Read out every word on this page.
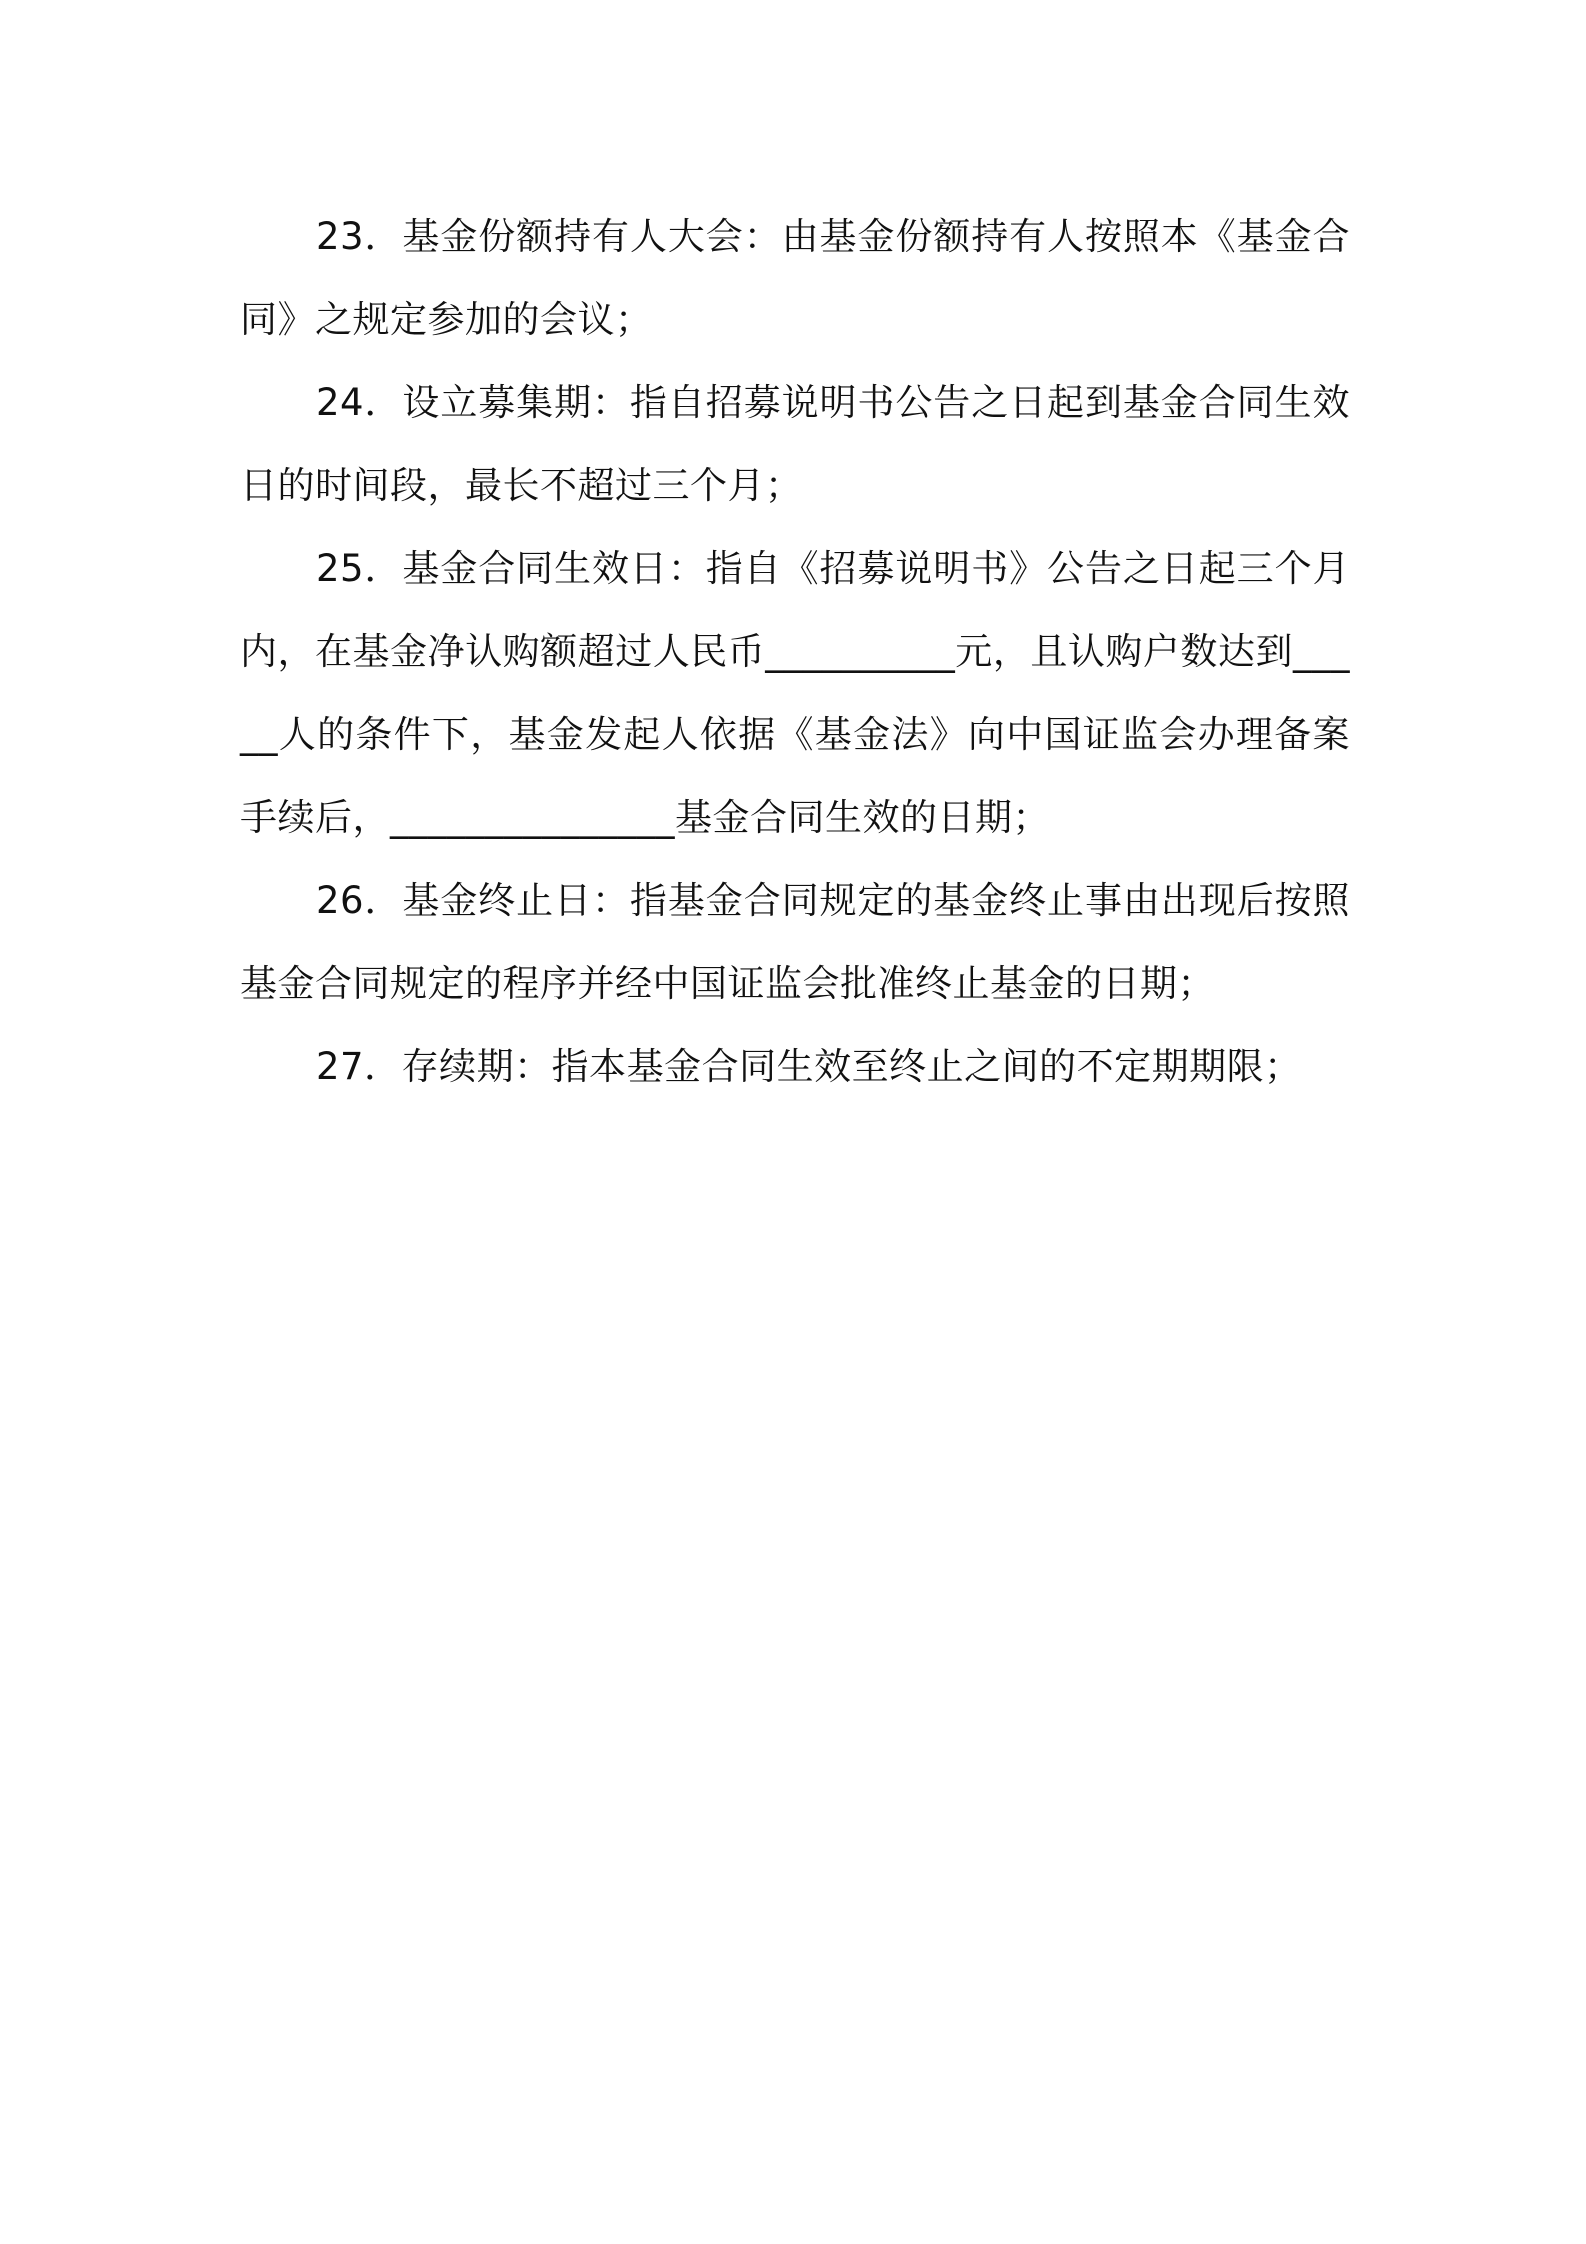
23．基金份额持有人大会：由基金份额持有人按照本《基金合同》之规定参加的会议；

24．设立募集期：指自招募说明书公告之日起到基金合同生效日的时间段，最长不超过三个月；

25．基金合同生效日：指自《招募说明书》公告之日起三个月内，在基金净认购额超过人民币__________元，且认购户数达到_____人的条件下，基金发起人依据《基金法》向中国证监会办理备案手续后，_______________基金合同生效的日期；

26．基金终止日：指基金合同规定的基金终止事由出现后按照基金合同规定的程序并经中国证监会批准终止基金的日期；

27．存续期：指本基金合同生效至终止之间的不定期期限；
